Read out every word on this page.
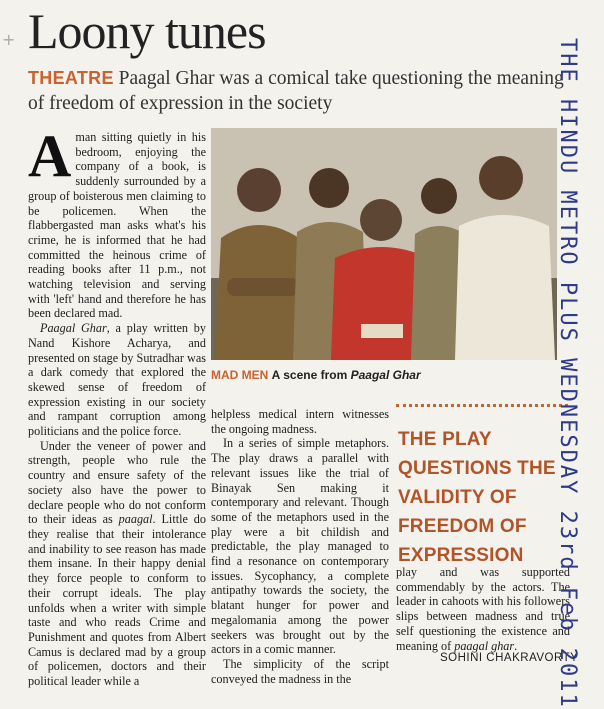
+ Loony tunes
THEATRE Paagal Ghar was a comical take questioning the meaning of freedom of expression in the society

Aman sitting quietly in his bedroom, enjoying the company of a book, is suddenly surrounded by a group of boisterous men claiming to be policemen. When the flabbergasted man asks what's his crime, he is informed that he had committed the heinous crime of reading books after 11 p.m., not watching television and serving with 'left' hand and therefore he has been declared mad.

Paagal Ghar, a play written by Nand Kishore Acharya, and presented on stage by Sutradhar was a dark comedy that explored the skewed sense of freedom of expression existing in our society and rampant corruption among politicians and the police force.

Under the veneer of power and strength, people who rule the country and ensure safety of the society also have the power to declare people who do not conform to their ideas as paagal. Little do they realise that their intolerance and inability to see reason has made them insane. In their happy denial they force people to conform to their corrupt ideals. The play unfolds when a writer with simple taste and who reads Crime and Punishment and quotes from Albert Camus is declared mad by a group of policemen, doctors and their political leader while a

MAD MEN A scene from Paagal Ghar

helpless medical intern witnesses the ongoing madness.

In a series of simple metaphors. The play draws a parallel with relevant issues like the trial of Binayak Sen making it contemporary and relevant. Though some of the metaphors used in the play were a bit childish and predictable, the play managed to find a resonance on contemporary issues. Sycophancy, a complete antipathy towards the society, the blatant hunger for power and megalomania among the power seekers was brought out by the actors in a comic manner.

The simplicity of the script conveyed the madness in the

THE PLAY QUESTIONS THE VALIDITY OF FREEDOM OF EXPRESSION

play and was supported commendably by the actors. The leader in cahoots with his followers slips between madness and true self questioning the existence and meaning of paagal ghar.

SOHINI CHAKRAVORTY
THE HINDU METRO PLUS WEDNESDAY 23rd Feb 2011
